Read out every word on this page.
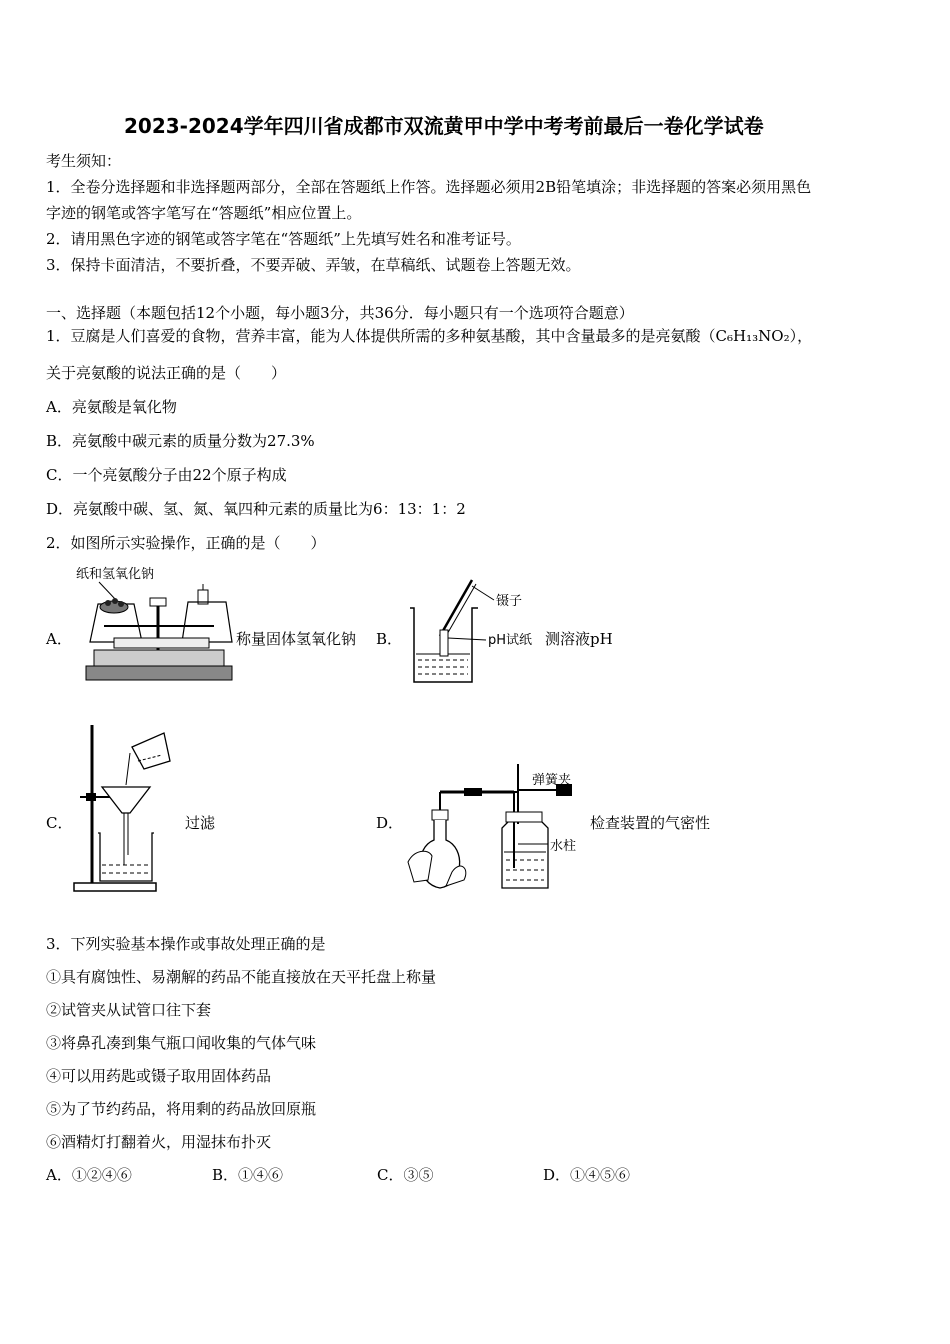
2023-2024学年四川省成都市双流黄甲中学中考考前最后一卷化学试卷
考生须知：
1．全卷分选择题和非选择题两部分，全部在答题纸上作答。选择题必须用2B铅笔填涂；非选择题的答案必须用黑色
字迹的钢笔或答字笔写在“答题纸”相应位置上。
2．请用黑色字迹的钢笔或答字笔在“答题纸”上先填写姓名和准考证号。
3．保持卡面清洁，不要折叠，不要弄破、弄皱，在草稿纸、试题卷上答题无效。
一、选择题（本题包括12个小题，每小题3分，共36分．每小题只有一个选项符合题意）
1．豆腐是人们喜爱的食物，营养丰富，能为人体提供所需的多种氨基酸，其中含量最多的是亮氨酸（C₆H₁₃NO₂），
关于亮氨酸的说法正确的是（　　）
A．亮氨酸是氧化物
B．亮氨酸中碳元素的质量分数为27.3%
C．一个亮氨酸分子由22个原子构成
D．亮氨酸中碳、氢、氮、氧四种元素的质量比为6：13：1：2
2．如图所示实验操作，正确的是（　　）
A．
纸和氢氧化钠
称量固体氢氧化钠 B．
镊子
pH试纸 测溶液pH
C．	过滤	D．
弹簧夹
水柱
检查装置的气密性
3．下列实验基本操作或事故处理正确的是
①具有腐蚀性、易潮解的药品不能直接放在天平托盘上称量
②试管夹从试管口往下套
③将鼻孔凑到集气瓶口闻收集的气体气味
④可以用药匙或镊子取用固体药品
⑤为了节约药品，将用剩的药品放回原瓶
⑥酒精灯打翻着火，用湿抹布扑灭
A．①②④⑥	B．①④⑥	C．③⑤	D．①④⑤⑥
